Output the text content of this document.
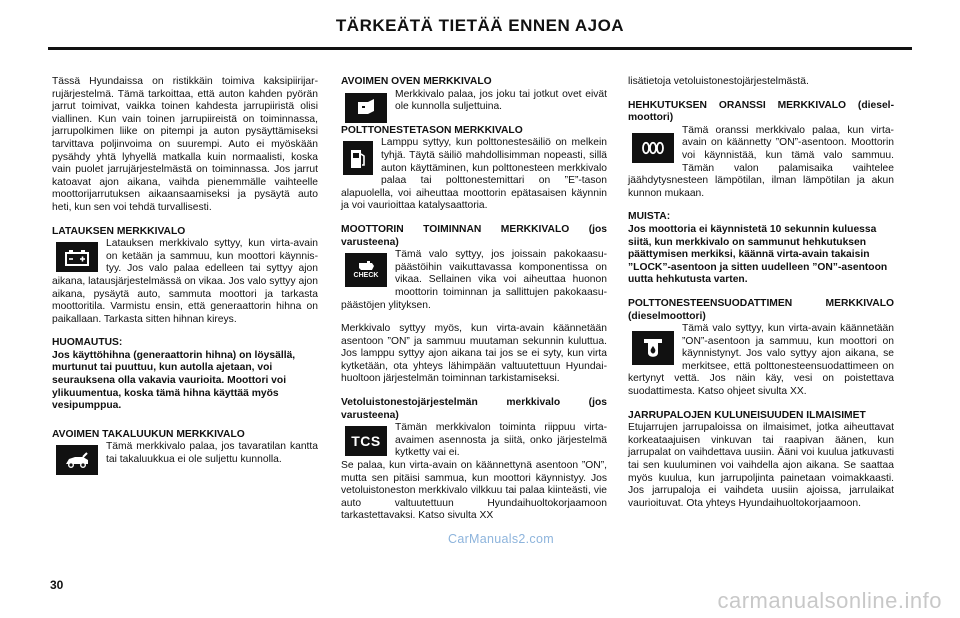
TÄRKEÄTÄ TIETÄÄ ENNEN AJOA

Tässä Hyundaissa on ristikkäin toimiva kaksipiirijarrujärjestelmä. Tämä tarkoittaa, että auton kahden pyörän jarrut toimivat, vaikka toinen kahdesta jarrupiiristä olisi viallinen. Kun vain toinen jarrupiireistä on toiminnassa, jarrupolkimen liike on pitempi ja auton pysäyttämiseksi tarvittava poljinvoima on suurempi. Auto ei myöskään pysähdy yhtä lyhyellä matkalla kuin normaalisti, koska vain puolet jarrujärjestelmästä on toiminnassa. Jos jarrut katoavat ajon aikana, vaihda pienemmälle vaihteelle moottorijarrutuksen aikaansaamiseksi ja pysäytä auto heti, kun sen voi tehdä turvallisesti.

LATAUKSEN MERKKIVALO

Latauksen merkkivalo syttyy, kun virta-avain on ketään ja sammuu, kun moottori käynnistyy. Jos valo palaa edelleen tai syttyy ajon aikana, latausjärjestelmässä on vikaa. Jos valo syttyy ajon aikana, pysäytä auto, sammuta moottori ja tarkasta moottoritila. Varmistu ensin, että generaattorin hihna on paikallaan. Tarkasta sitten hihnan kireys.

HUOMAUTUS:
Jos käyttöhihna (generaattorin hihna) on löysällä, murtunut tai puuttuu, kun autolla ajetaan, voi seurauksena olla vakavia vaurioita. Moottori voi ylikuumentua, koska tämä hihna käyttää myös vesipumppua.

AVOIMEN TAKALUUKUN MERKKIVALO

Tämä merkkivalo palaa, jos tavaratilan kantta tai takaluukkua ei ole suljettu kunnolla.

AVOIMEN OVEN MERKKIVALO

Merkkivalo palaa, jos joku tai jotkut ovet eivät ole kunnolla suljettuina.

POLTTONESTETASON MERKKIVALO

Lamppu syttyy, kun polttonestesäiliö on melkein tyhjä. Täytä säiliö mahdollisimman nopeasti, sillä auton käyttäminen, kun polttonesteen merkkivalo palaa tai polttonestemittari on ”E”-tason alapuolella, voi aiheuttaa moottorin epätasaisen käynnin ja voi vaurioittaa katalysaattoria.

MOOTTORIN TOIMINNAN MERKKIVALO (jos varusteena)

CHECK

Tämä valo syttyy, jos joissain pakokaasupäästöihin vaikuttavassa komponentissa on vikaa. Sellainen vika voi aiheuttaa huonon moottorin toiminnan ja sallittujen pakokaasupäästöjen ylityksen.

Merkkivalo syttyy myös, kun virta-avain käännetään asentoon ”ON” ja sammuu muutaman sekunnin kuluttua. Jos lamppu syttyy ajon aikana tai jos se ei syty, kun virta kytketään, ota yhteys lähimpään valtuutettuun Hyundai-huoltoon järjestelmän toiminnan tarkistamiseksi.

Vetoluistonestojärjestelmän merkkivalo (jos varusteena)

TCS

Tämän merkkivalon toiminta riippuu virtaavaimen asennosta ja siitä, onko järjestelmä kytketty vai ei.

Se palaa, kun virta-avain on käännettynä asentoon ”ON”, mutta sen pitäisi sammua, kun moottori käynnistyy. Jos vetoluistoneston merkkivalo vilkkuu tai palaa kiinteästi, vie auto valtuutettuun Hyundaihuoltokorjaamoon tarkastettavaksi. Katso sivulta XX

lisätietoja vetoluistonestojärjestelmästä.

HEHKUTUKSEN ORANSSI MERKKIVALO (dieselmoottori)

Tämä oranssi merkkivalo palaa, kun virta-avain on käännetty ”ON”-asentoon. Moottorin voi käynnistää, kun tämä valo sammuu. Tämän valon palamisaika vaihtelee jäähdytysnesteen lämpötilan, ilman lämpötilan ja akun kunnon mukaan.

MUISTA:
Jos moottoria ei käynnistetä 10 sekunnin kuluessa siitä, kun merkkivalo on sammunut hehkutuksen päättymisen merkiksi, käännä virta-avain takaisin ”LOCK”-asentoon ja sitten uudelleen ”ON”-asentoon uutta hehkutusta varten.

POLTTONESTEENSUODATTIMEN MERKKIVALO (dieselmoottori)

Tämä valo syttyy, kun virta-avain käännetään ”ON”-asentoon ja sammuu, kun moottori on käynnistynyt. Jos valo syttyy ajon aikana, se merkitsee, että polttonesteensuodattimeen on kertynyt vettä. Jos näin käy, vesi on poistettava suodattimesta. Katso ohjeet sivulta XX.

JARRUPALOJEN KULUNEISUUDEN ILMAISIMET

Etujarrujen jarrupaloissa on ilmaisimet, jotka aiheuttavat korkeataajuisen vinkuvan tai raapivan äänen, kun jarrupalat on vaihdettava uusiin. Ääni voi kuulua jatkuvasti tai sen kuuluminen voi vaihdella ajon aikana. Se saattaa myös kuulua, kun jarrupoljinta painetaan voimakkaasti. Jos jarrupaloja ei vaihdeta uusiin ajoissa, jarrulaikat vaurioituvat. Ota yhteys Hyundaihuoltokorjaamoon.

CarManuals2.com
30
carmanualsonline.info
